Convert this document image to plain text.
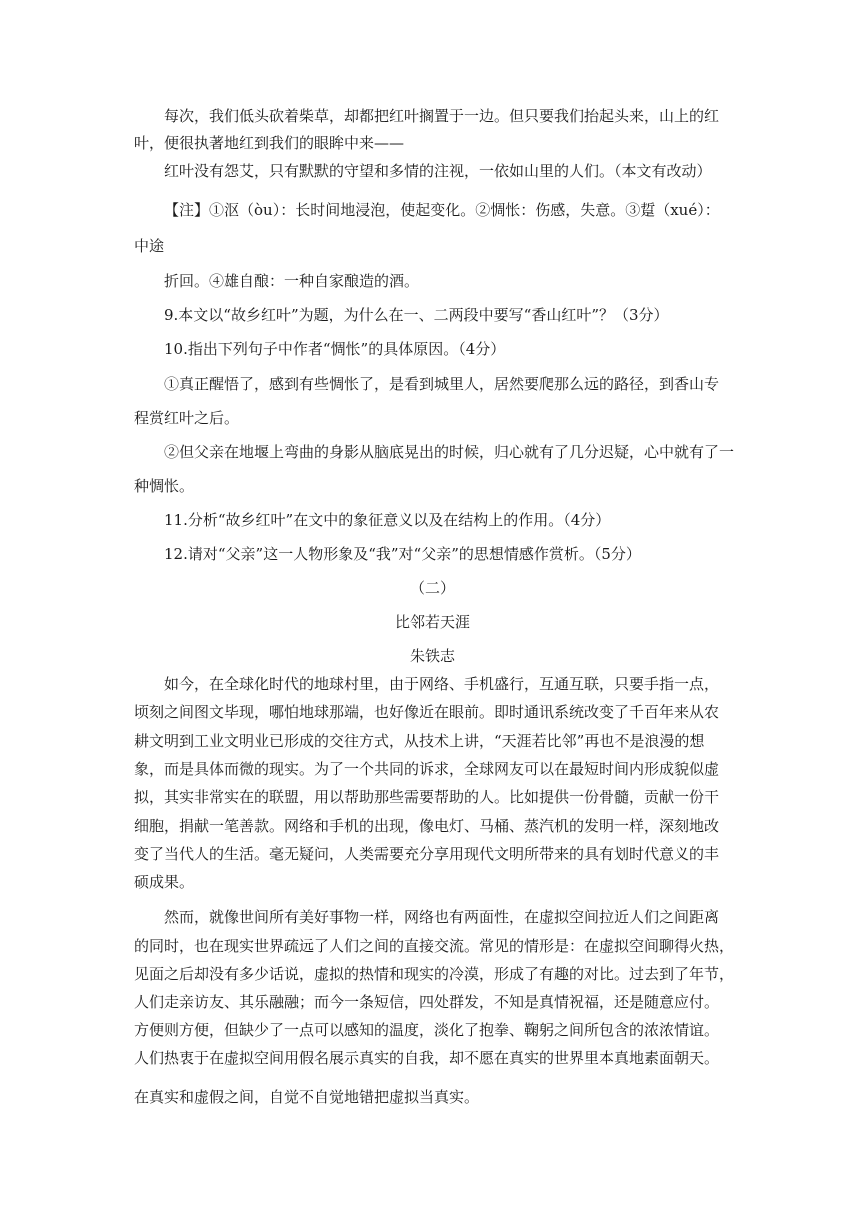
每次，我们低头砍着柴草，却都把红叶搁置于一边。但只要我们抬起头来，山上的红
叶，便很执著地红到我们的眼眸中来——
红叶没有怨艾，只有默默的守望和多情的注视，一依如山里的人们。（本文有改动）
【注】①沤（òu）：长时间地浸泡，使起变化。②惆怅：伤感，失意。③踅（xué）：
中途
折回。④雄自酿：一种自家酿造的酒。
9.本文以“故乡红叶”为题，为什么在一、二两段中要写“香山红叶”？（3分）
10.指出下列句子中作者“惆怅”的具体原因。（4分）
①真正醒悟了，感到有些惆怅了，是看到城里人，居然要爬那么远的路径，到香山专
程赏红叶之后。
②但父亲在地堰上弯曲的身影从脑底晃出的时候，归心就有了几分迟疑，心中就有了一
种惆怅。
11.分析“故乡红叶”在文中的象征意义以及在结构上的作用。（4分）
12.请对“父亲”这一人物形象及“我”对“父亲”的思想情感作赏析。（5分）
（二）
比邻若天涯
朱铁志
如今，在全球化时代的地球村里，由于网络、手机盛行，互通互联，只要手指一点，
顷刻之间图文毕现，哪怕地球那端，也好像近在眼前。即时通讯系统改变了千百年来从农
耕文明到工业文明业已形成的交往方式，从技术上讲，“天涯若比邻”再也不是浪漫的想
象，而是具体而微的现实。为了一个共同的诉求，全球网友可以在最短时间内形成貌似虚
拟，其实非常实在的联盟，用以帮助那些需要帮助的人。比如提供一份骨髓，贡献一份干
细胞，捐献一笔善款。网络和手机的出现，像电灯、马桶、蒸汽机的发明一样，深刻地改
变了当代人的生活。毫无疑问，人类需要充分享用现代文明所带来的具有划时代意义的丰
硕成果。
然而，就像世间所有美好事物一样，网络也有两面性，在虚拟空间拉近人们之间距离
的同时，也在现实世界疏远了人们之间的直接交流。常见的情形是：在虚拟空间聊得火热，
见面之后却没有多少话说，虚拟的热情和现实的冷漠，形成了有趣的对比。过去到了年节，
人们走亲访友、其乐融融；而今一条短信，四处群发，不知是真情祝福，还是随意应付。
方便则方便，但缺少了一点可以感知的温度，淡化了抱拳、鞠躬之间所包含的浓浓情谊。
人们热衷于在虚拟空间用假名展示真实的自我，却不愿在真实的世界里本真地素面朝天。
在真实和虚假之间，自觉不自觉地错把虚拟当真实。
